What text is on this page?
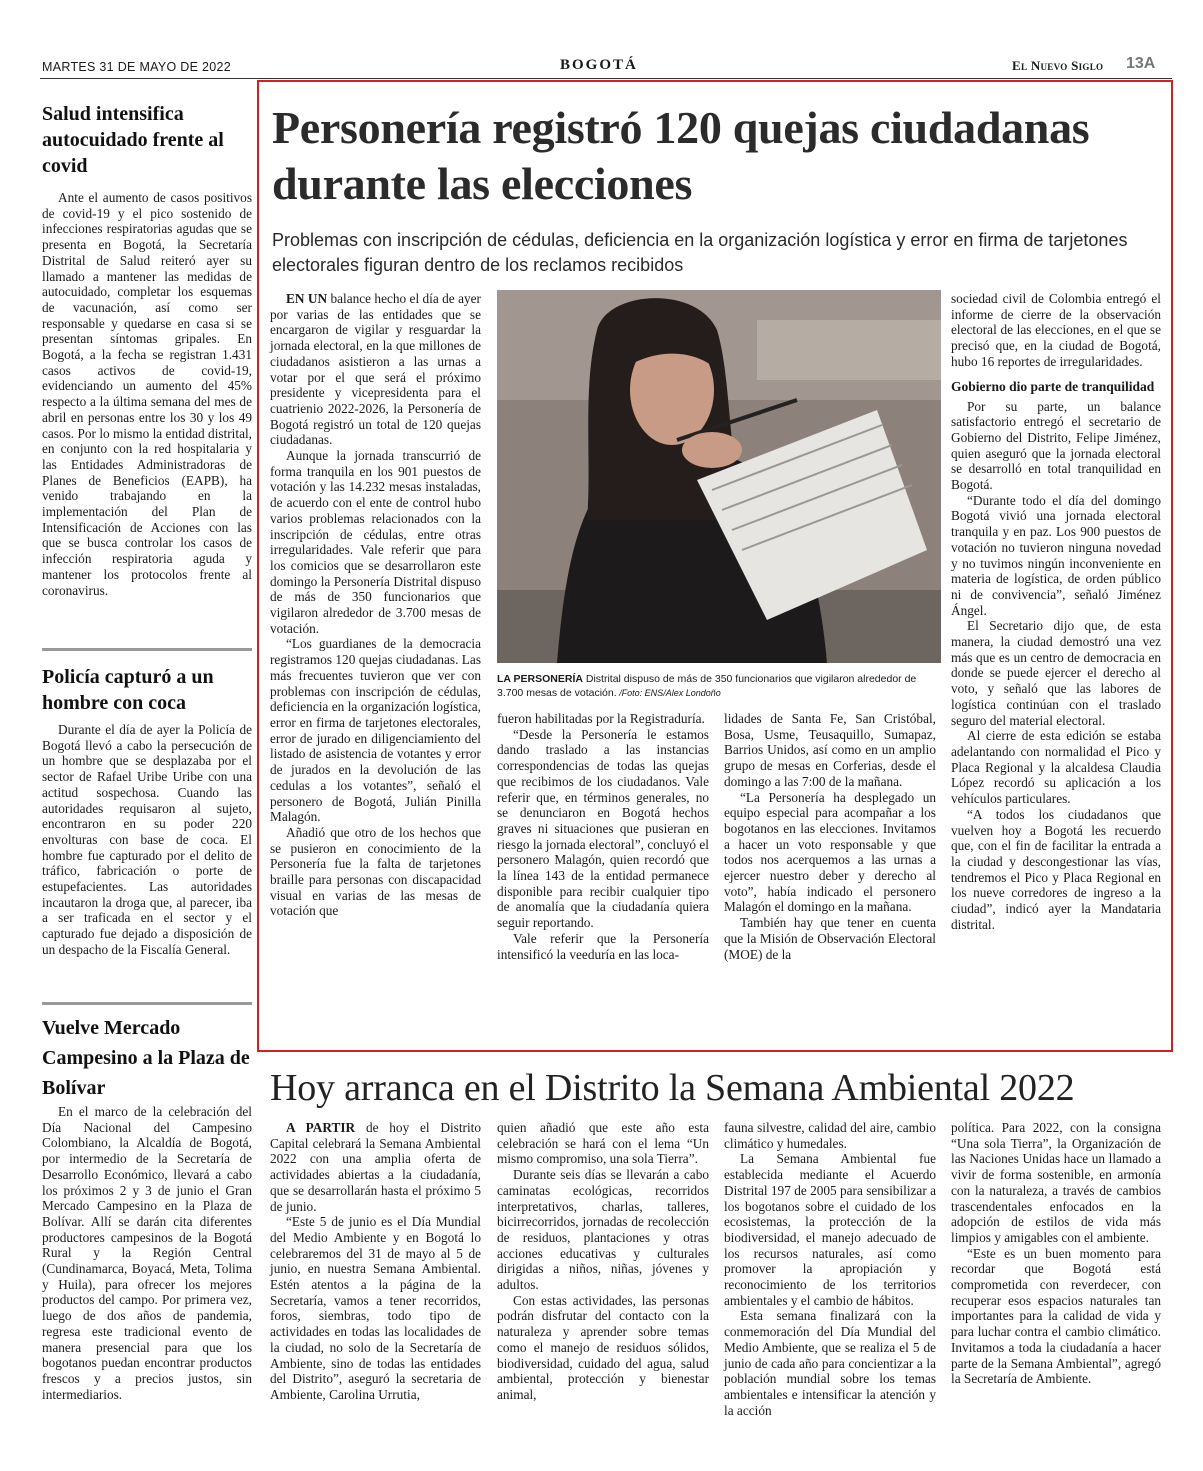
MARTES 31 DE MAYO DE 2022	BOGOTÁ	El Nuevo Siglo 13A
Salud intensifica autocuidado frente al covid

Ante el aumento de casos positivos de covid-19 y el pico sostenido de infecciones respiratorias agudas que se presenta en Bogotá, la Secretaría Distrital de Salud reiteró ayer su llamado a mantener las medidas de autocuidado, completar los esquemas de vacunación, así como ser responsable y quedarse en casa si se presentan síntomas gripales. En Bogotá, a la fecha se registran 1.431 casos activos de covid-19, evidenciando un aumento del 45% respecto a la última semana del mes de abril en personas entre los 30 y los 49 casos. Por lo mismo la entidad distrital, en conjunto con la red hospitalaria y las Entidades Administradoras de Planes de Beneficios (EAPB), ha venido trabajando en la implementación del Plan de Intensificación de Acciones con las que se busca controlar los casos de infección respiratoria aguda y mantener los protocolos frente al coronavirus.

Policía capturó a un hombre con coca

Durante el día de ayer la Policía de Bogotá llevó a cabo la persecución de un hombre que se desplazaba por el sector de Rafael Uribe Uribe con una actitud sospechosa. Cuando las autoridades requisaron al sujeto, encontraron en su poder 220 envolturas con base de coca. El hombre fue capturado por el delito de tráfico, fabricación o porte de estupefacientes. Las autoridades incautaron la droga que, al parecer, iba a ser traficada en el sector y el capturado fue dejado a disposición de un despacho de la Fiscalía General.

Vuelve Mercado Campesino a la Plaza de Bolívar

En el marco de la celebración del Día Nacional del Campesino Colombiano, la Alcaldía de Bogotá, por intermedio de la Secretaría de Desarrollo Económico, llevará a cabo los próximos 2 y 3 de junio el Gran Mercado Campesino en la Plaza de Bolívar. Allí se darán cita diferentes productores campesinos de la Bogotá Rural y la Región Central (Cundinamarca, Boyacá, Meta, Tolima y Huila), para ofrecer los mejores productos del campo. Por primera vez, luego de dos años de pandemia, regresa este tradicional evento de manera presencial para que los bogotanos puedan encontrar productos frescos y a precios justos, sin intermediarios.

Personería registró 120 quejas ciudadanas durante las elecciones
Problemas con inscripción de cédulas, deficiencia en la organización logística y error en firma de tarjetones electorales figuran dentro de los reclamos recibidos

EN UN balance hecho el día de ayer por varias de las entidades que se encargaron de vigilar y resguardar la jornada electoral, en la que millones de ciudadanos asistieron a las urnas a votar por el que será el próximo presidente y vicepresidenta para el cuatrienio 2022-2026, la Personería de Bogotá registró un total de 120 quejas ciudadanas.

Aunque la jornada transcurrió de forma tranquila en los 901 puestos de votación y las 14.232 mesas instaladas, de acuerdo con el ente de control hubo varios problemas relacionados con la inscripción de cédulas, entre otras irregularidades. Vale referir que para los comicios que se desarrollaron este domingo la Personería Distrital dispuso de más de 350 funcionarios que vigilaron alrededor de 3.700 mesas de votación.

“Los guardianes de la democracia registramos 120 quejas ciudadanas. Las más frecuentes tuvieron que ver con problemas con inscripción de cédulas, deficiencia en la organización logística, error en firma de tarjetones electorales, error de jurado en diligenciamiento del listado de asistencia de votantes y error de jurados en la devolución de las cedulas a los votantes”, señaló el personero de Bogotá, Julián Pinilla Malagón.

Añadió que otro de los hechos que se pusieron en conocimiento de la Personería fue la falta de tarjetones braille para personas con discapacidad visual en varias de las mesas de votación que

LA PERSONERÍA Distrital dispuso de más de 350 funcionarios que vigilaron alrededor de 3.700 mesas de votación. /Foto: ENS/Alex Londoño

fueron habilitadas por la Registraduría.

“Desde la Personería le estamos dando traslado a las instancias correspondencias de todas las quejas que recibimos de los ciudadanos. Vale referir que, en términos generales, no se denunciaron en Bogotá hechos graves ni situaciones que pusieran en riesgo la jornada electoral”, concluyó el personero Malagón, quien recordó que la línea 143 de la entidad permanece disponible para recibir cualquier tipo de anomalía que la ciudadanía quiera seguir reportando.

Vale referir que la Personería intensificó la veeduría en las loca-

lidades de Santa Fe, San Cristóbal, Bosa, Usme, Teusaquillo, Sumapaz, Barrios Unidos, así como en un amplio grupo de mesas en Corferias, desde el domingo a las 7:00 de la mañana.

“La Personería ha desplegado un equipo especial para acompañar a los bogotanos en las elecciones. Invitamos a hacer un voto responsable y que todos nos acerquemos a las urnas a ejercer nuestro deber y derecho al voto”, había indicado el personero Malagón el domingo en la mañana.

También hay que tener en cuenta que la Misión de Observación Electoral (MOE) de la

sociedad civil de Colombia entregó el informe de cierre de la observación electoral de las elecciones, en el que se precisó que, en la ciudad de Bogotá, hubo 16 reportes de irregularidades.

Gobierno dio parte de tranquilidad

Por su parte, un balance satisfactorio entregó el secretario de Gobierno del Distrito, Felipe Jiménez, quien aseguró que la jornada electoral se desarrolló en total tranquilidad en Bogotá.

“Durante todo el día del domingo Bogotá vivió una jornada electoral tranquila y en paz. Los 900 puestos de votación no tuvieron ninguna novedad y no tuvimos ningún inconveniente en materia de logística, de orden público ni de convivencia”, señaló Jiménez Ángel.

El Secretario dijo que, de esta manera, la ciudad demostró una vez más que es un centro de democracia en donde se puede ejercer el derecho al voto, y señaló que las labores de logística continúan con el traslado seguro del material electoral.

Al cierre de esta edición se estaba adelantando con normalidad el Pico y Placa Regional y la alcaldesa Claudia López recordó su aplicación a los vehículos particulares.

“A todos los ciudadanos que vuelven hoy a Bogotá les recuerdo que, con el fin de facilitar la entrada a la ciudad y descongestionar las vías, tendremos el Pico y Placa Regional en los nueve corredores de ingreso a la ciudad”, indicó ayer la Mandataria distrital.

Hoy arranca en el Distrito la Semana Ambiental 2022

A PARTIR de hoy el Distrito Capital celebrará la Semana Ambiental 2022 con una amplia oferta de actividades abiertas a la ciudadanía, que se desarrollarán hasta el próximo 5 de junio.

“Este 5 de junio es el Día Mundial del Medio Ambiente y en Bogotá lo celebraremos del 31 de mayo al 5 de junio, en nuestra Semana Ambiental. Estén atentos a la página de la Secretaría, vamos a tener recorridos, foros, siembras, todo tipo de actividades en todas las localidades de la ciudad, no solo de la Secretaría de Ambiente, sino de todas las entidades del Distrito”, aseguró la secretaria de Ambiente, Carolina Urrutia,

quien añadió que este año esta celebración se hará con el lema “Un mismo compromiso, una sola Tierra”.

Durante seis días se llevarán a cabo caminatas ecológicas, recorridos interpretativos, charlas, talleres, bicirrecorridos, jornadas de recolección de residuos, plantaciones y otras acciones educativas y culturales dirigidas a niños, niñas, jóvenes y adultos.

Con estas actividades, las personas podrán disfrutar del contacto con la naturaleza y aprender sobre temas como el manejo de residuos sólidos, biodiversidad, cuidado del agua, salud ambiental, protección y bienestar animal,

fauna silvestre, calidad del aire, cambio climático y humedales.

La Semana Ambiental fue establecida mediante el Acuerdo Distrital 197 de 2005 para sensibilizar a los bogotanos sobre el cuidado de los ecosistemas, la protección de la biodiversidad, el manejo adecuado de los recursos naturales, así como promover la apropiación y reconocimiento de los territorios ambientales y el cambio de hábitos.

Esta semana finalizará con la conmemoración del Día Mundial del Medio Ambiente, que se realiza el 5 de junio de cada año para concientizar a la población mundial sobre los temas ambientales e intensificar la atención y la acción

política. Para 2022, con la consigna “Una sola Tierra”, la Organización de las Naciones Unidas hace un llamado a vivir de forma sostenible, en armonía con la naturaleza, a través de cambios trascendentales enfocados en la adopción de estilos de vida más limpios y amigables con el ambiente.

“Este es un buen momento para recordar que Bogotá está comprometida con reverdecer, con recuperar esos espacios naturales tan importantes para la calidad de vida y para luchar contra el cambio climático. Invitamos a toda la ciudadanía a hacer parte de la Semana Ambiental”, agregó la Secretaría de Ambiente.
